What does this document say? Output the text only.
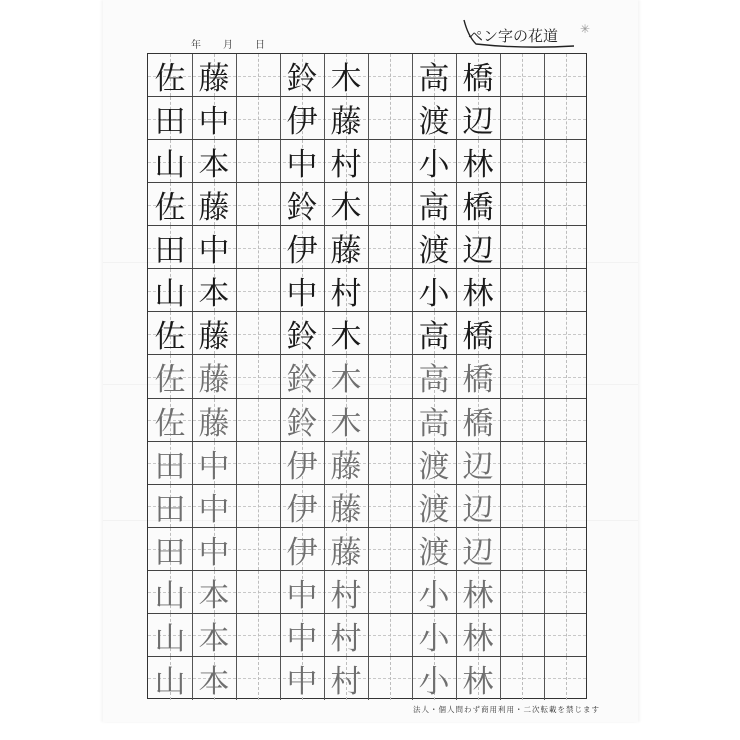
年 月 日
ペン字の花道 ✳
佐 藤 鈴 木 高 橋
田 中 伊 藤 渡 辺
山 本 中 村 小 林
佐 藤 鈴 木 高 橋
田 中 伊 藤 渡 辺
山 本 中 村 小 林
佐 藤 鈴 木 高 橋
佐 藤 鈴 木 高 橋
佐 藤 鈴 木 高 橋
田 中 伊 藤 渡 辺
田 中 伊 藤 渡 辺
田 中 伊 藤 渡 辺
山 本 中 村 小 林
山 本 中 村 小 林
山 本 中 村 小 林
法人・個人問わず商用利用・二次転載を禁じます
